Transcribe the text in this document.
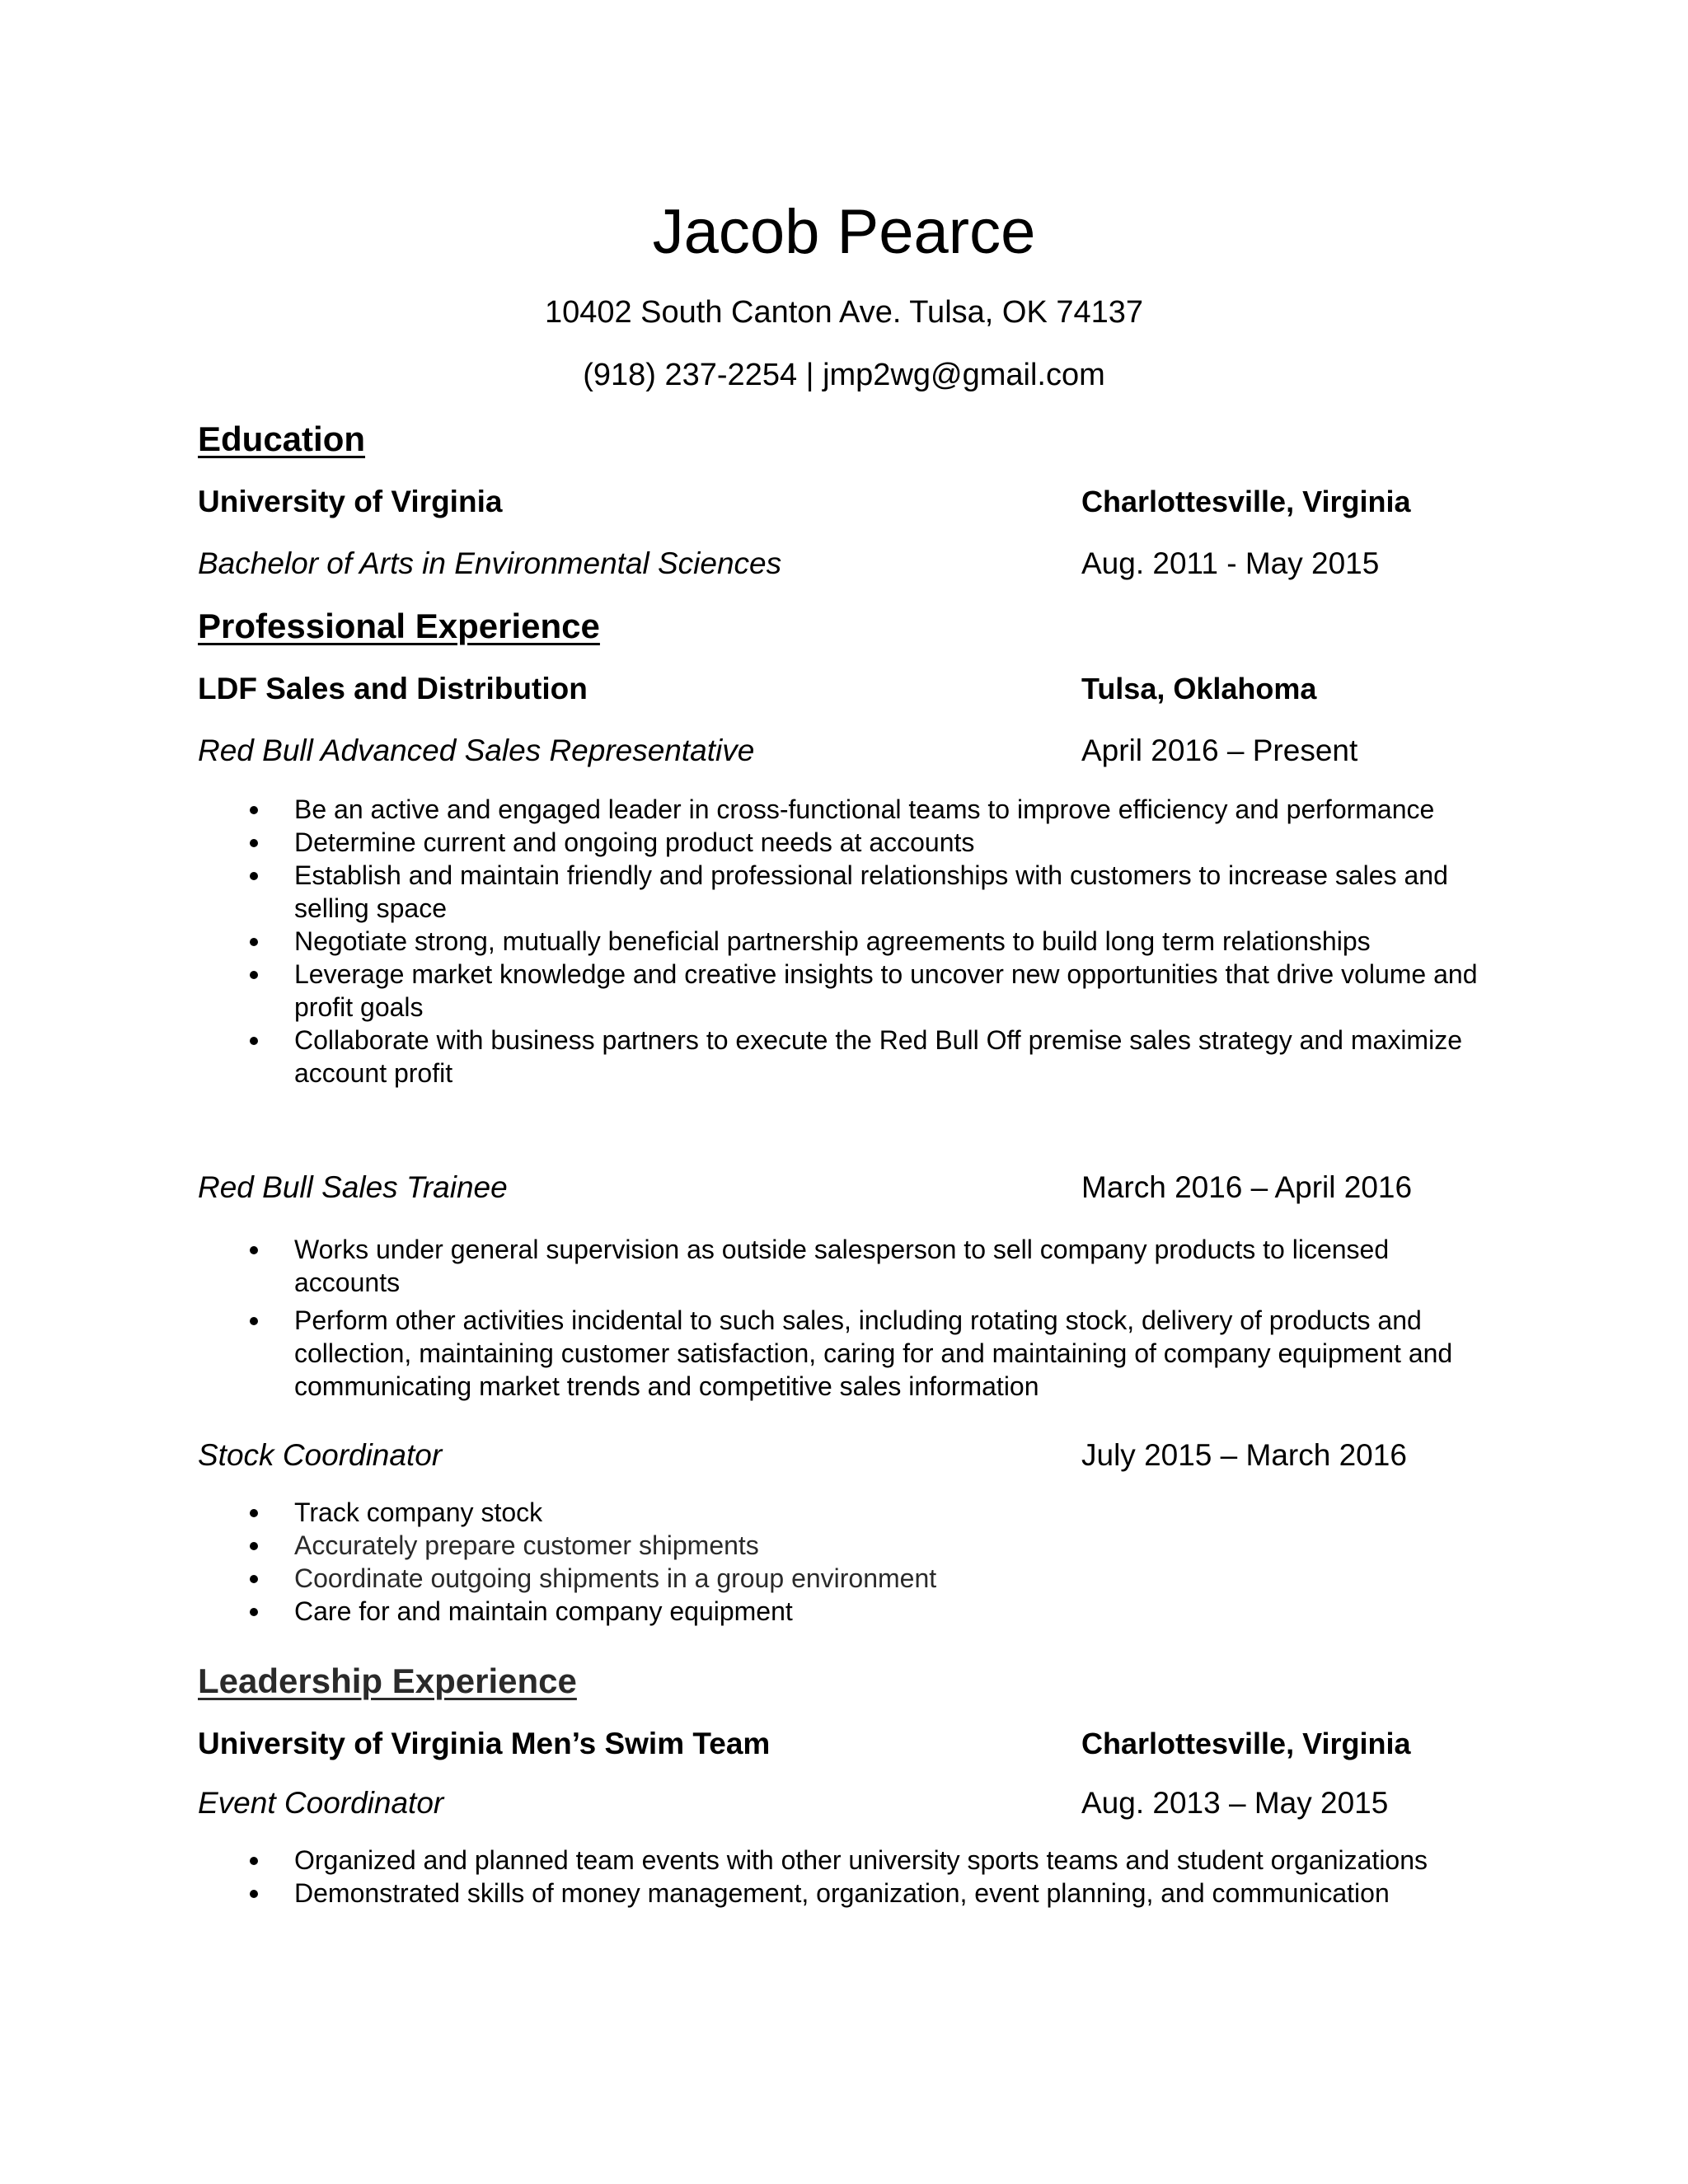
Jacob Pearce
10402 South Canton Ave. Tulsa, OK 74137
(918) 237-2254 | jmp2wg@gmail.com
Education
University of Virginia	Charlottesville, Virginia
Bachelor of Arts in Environmental Sciences	Aug. 2011 - May 2015
Professional Experience
LDF Sales and Distribution	Tulsa, Oklahoma
Red Bull Advanced Sales Representative	April 2016 – Present
Be an active and engaged leader in cross-functional teams to improve efficiency and performance
Determine current and ongoing product needs at accounts
Establish and maintain friendly and professional relationships with customers to increase sales and selling space
Negotiate strong, mutually beneficial partnership agreements to build long term relationships
Leverage market knowledge and creative insights to uncover new opportunities that drive volume and profit goals
Collaborate with business partners to execute the Red Bull Off premise sales strategy and maximize account profit
Red Bull Sales Trainee	March 2016 – April 2016
Works under general supervision as outside salesperson to sell company products to licensed accounts
Perform other activities incidental to such sales, including rotating stock, delivery of products and collection, maintaining customer satisfaction, caring for and maintaining of company equipment and communicating market trends and competitive sales information
Stock Coordinator	July 2015 – March 2016
Track company stock
Accurately prepare customer shipments
Coordinate outgoing shipments in a group environment
Care for and maintain company equipment
Leadership Experience
University of Virginia Men’s Swim Team	Charlottesville, Virginia
Event Coordinator	Aug. 2013 – May 2015
Organized and planned team events with other university sports teams and student organizations
Demonstrated skills of money management, organization, event planning, and communication
